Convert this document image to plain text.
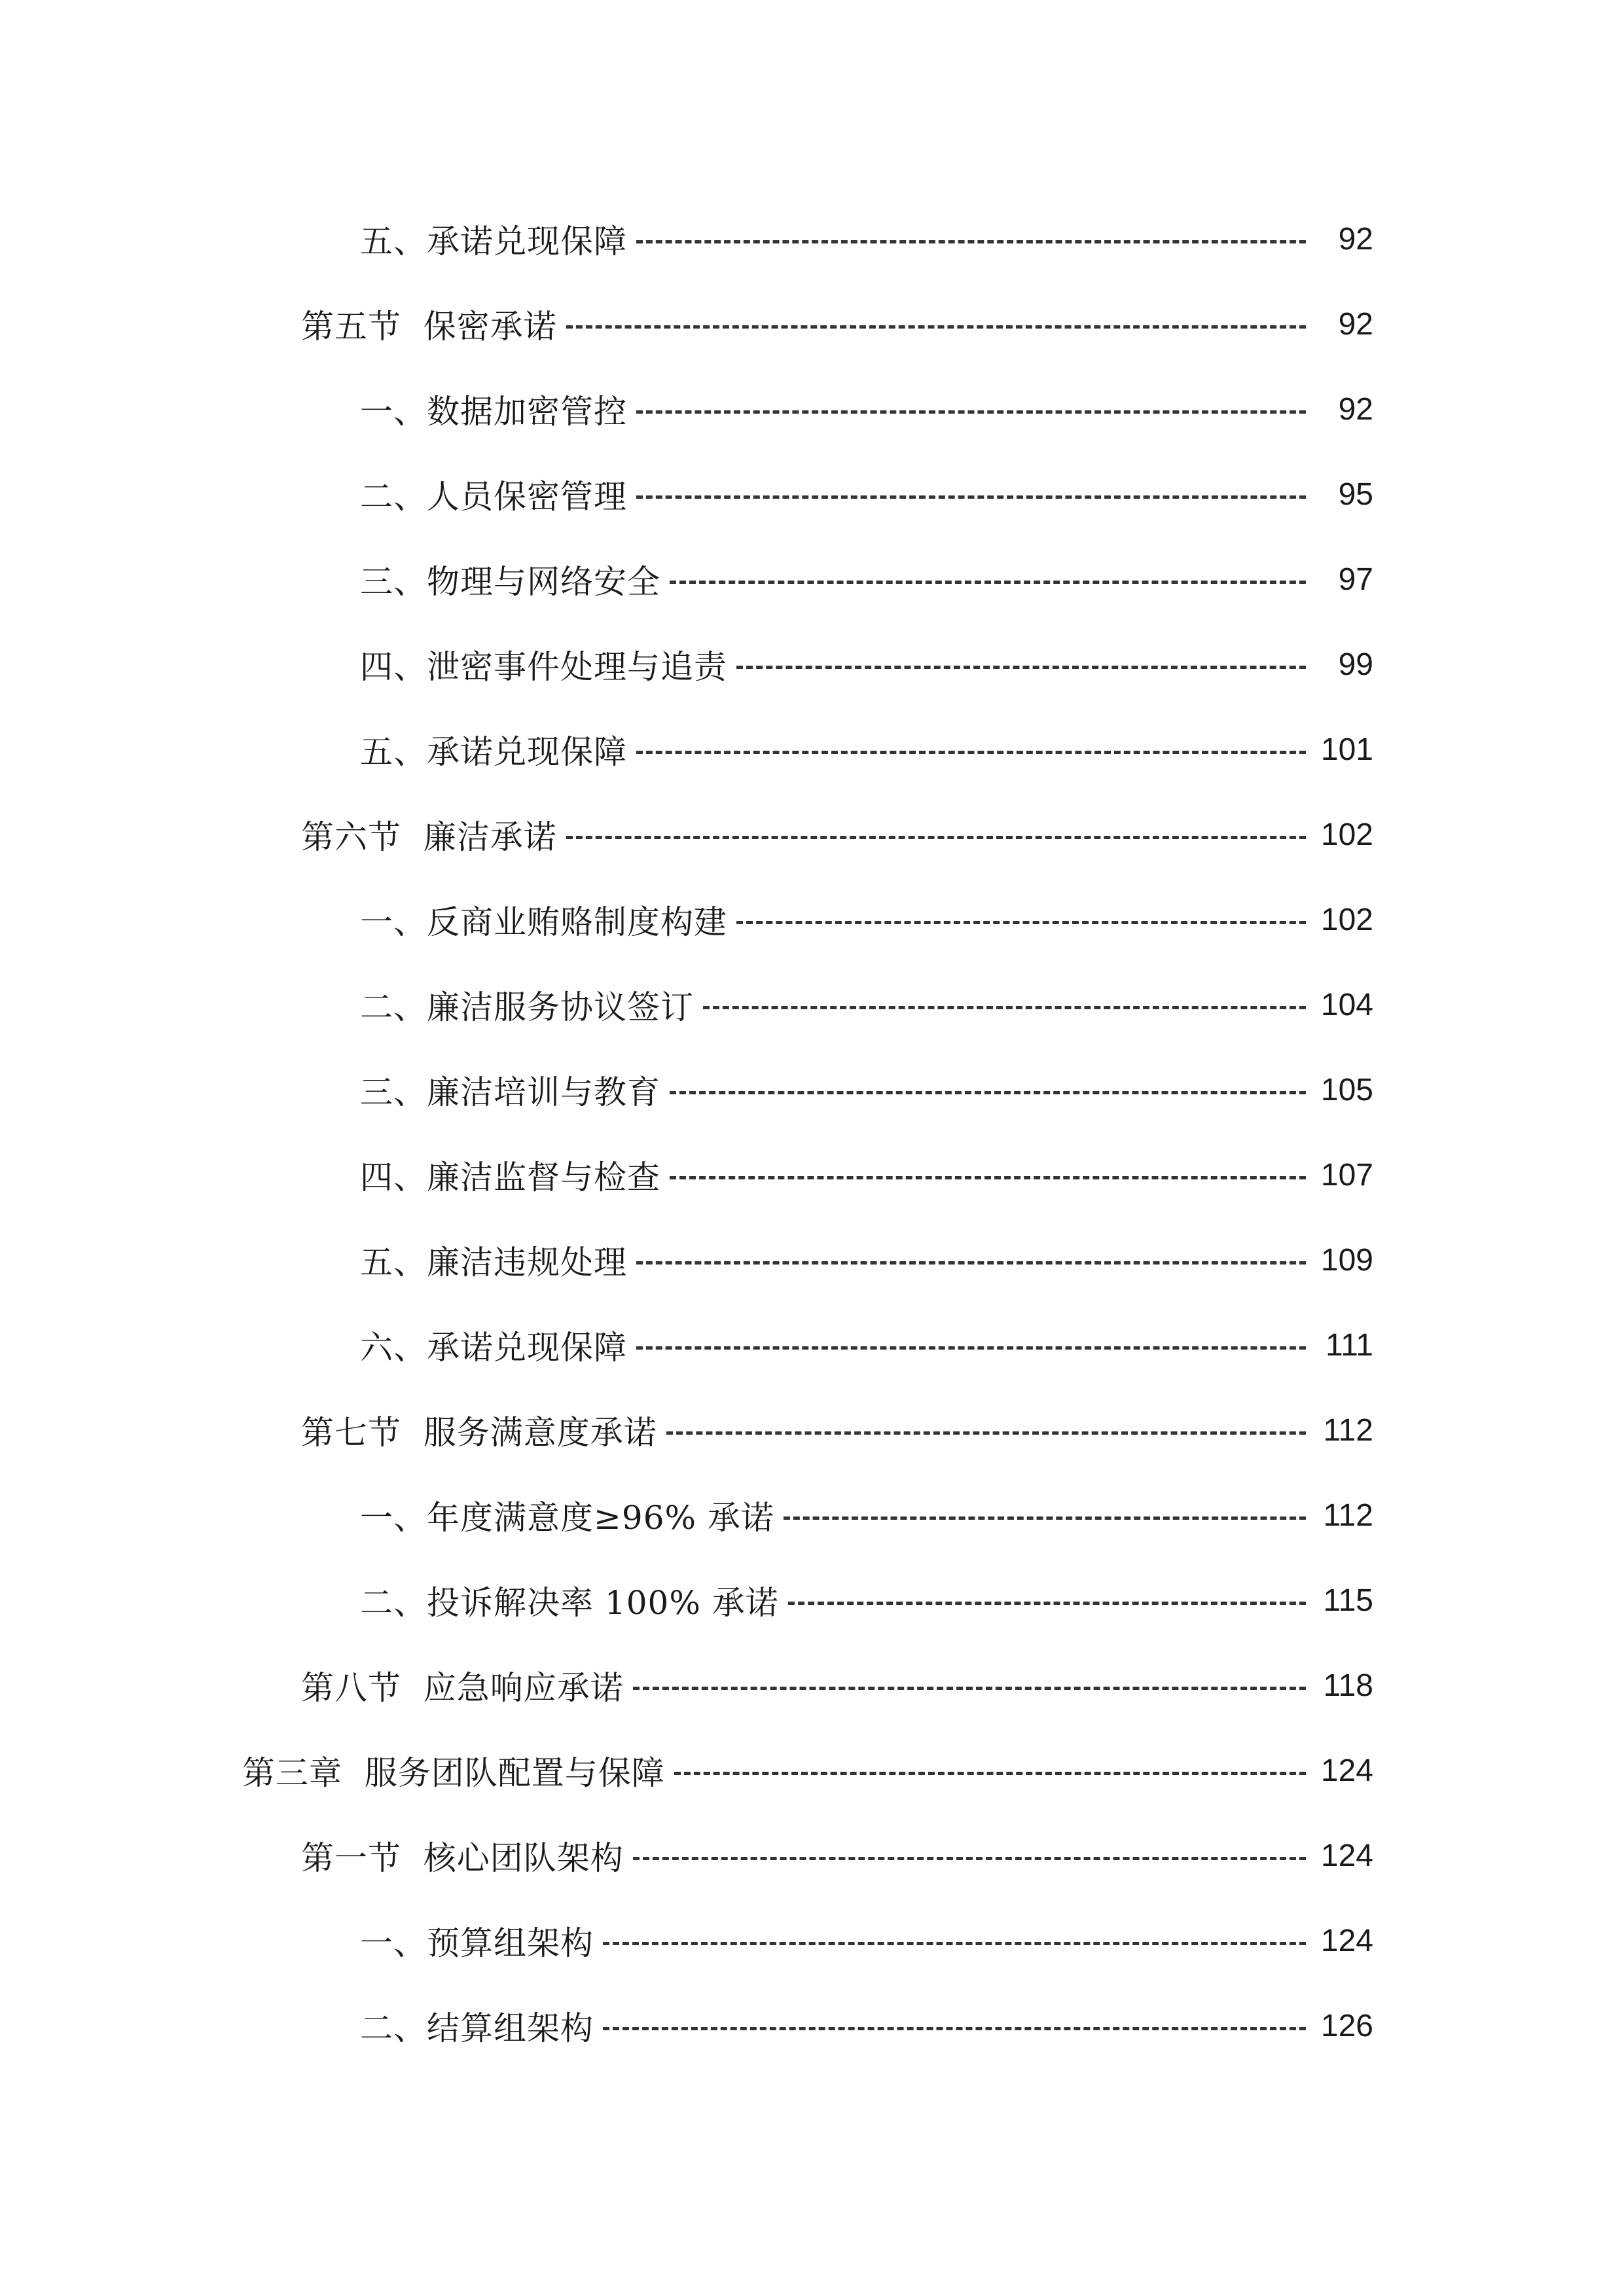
五、承诺兑现保障	92
第五节  保密承诺	92
一、数据加密管控	92
二、人员保密管理	95
三、物理与网络安全	97
四、泄密事件处理与追责	99
五、承诺兑现保障	101
第六节  廉洁承诺	102
一、反商业贿赂制度构建	102
二、廉洁服务协议签订	104
三、廉洁培训与教育	105
四、廉洁监督与检查	107
五、廉洁违规处理	109
六、承诺兑现保障	111
第七节  服务满意度承诺	112
一、年度满意度≥96% 承诺	112
二、投诉解决率 100% 承诺	115
第八节  应急响应承诺	118
第三章  服务团队配置与保障	124
第一节  核心团队架构	124
一、预算组架构	124
二、结算组架构	126
